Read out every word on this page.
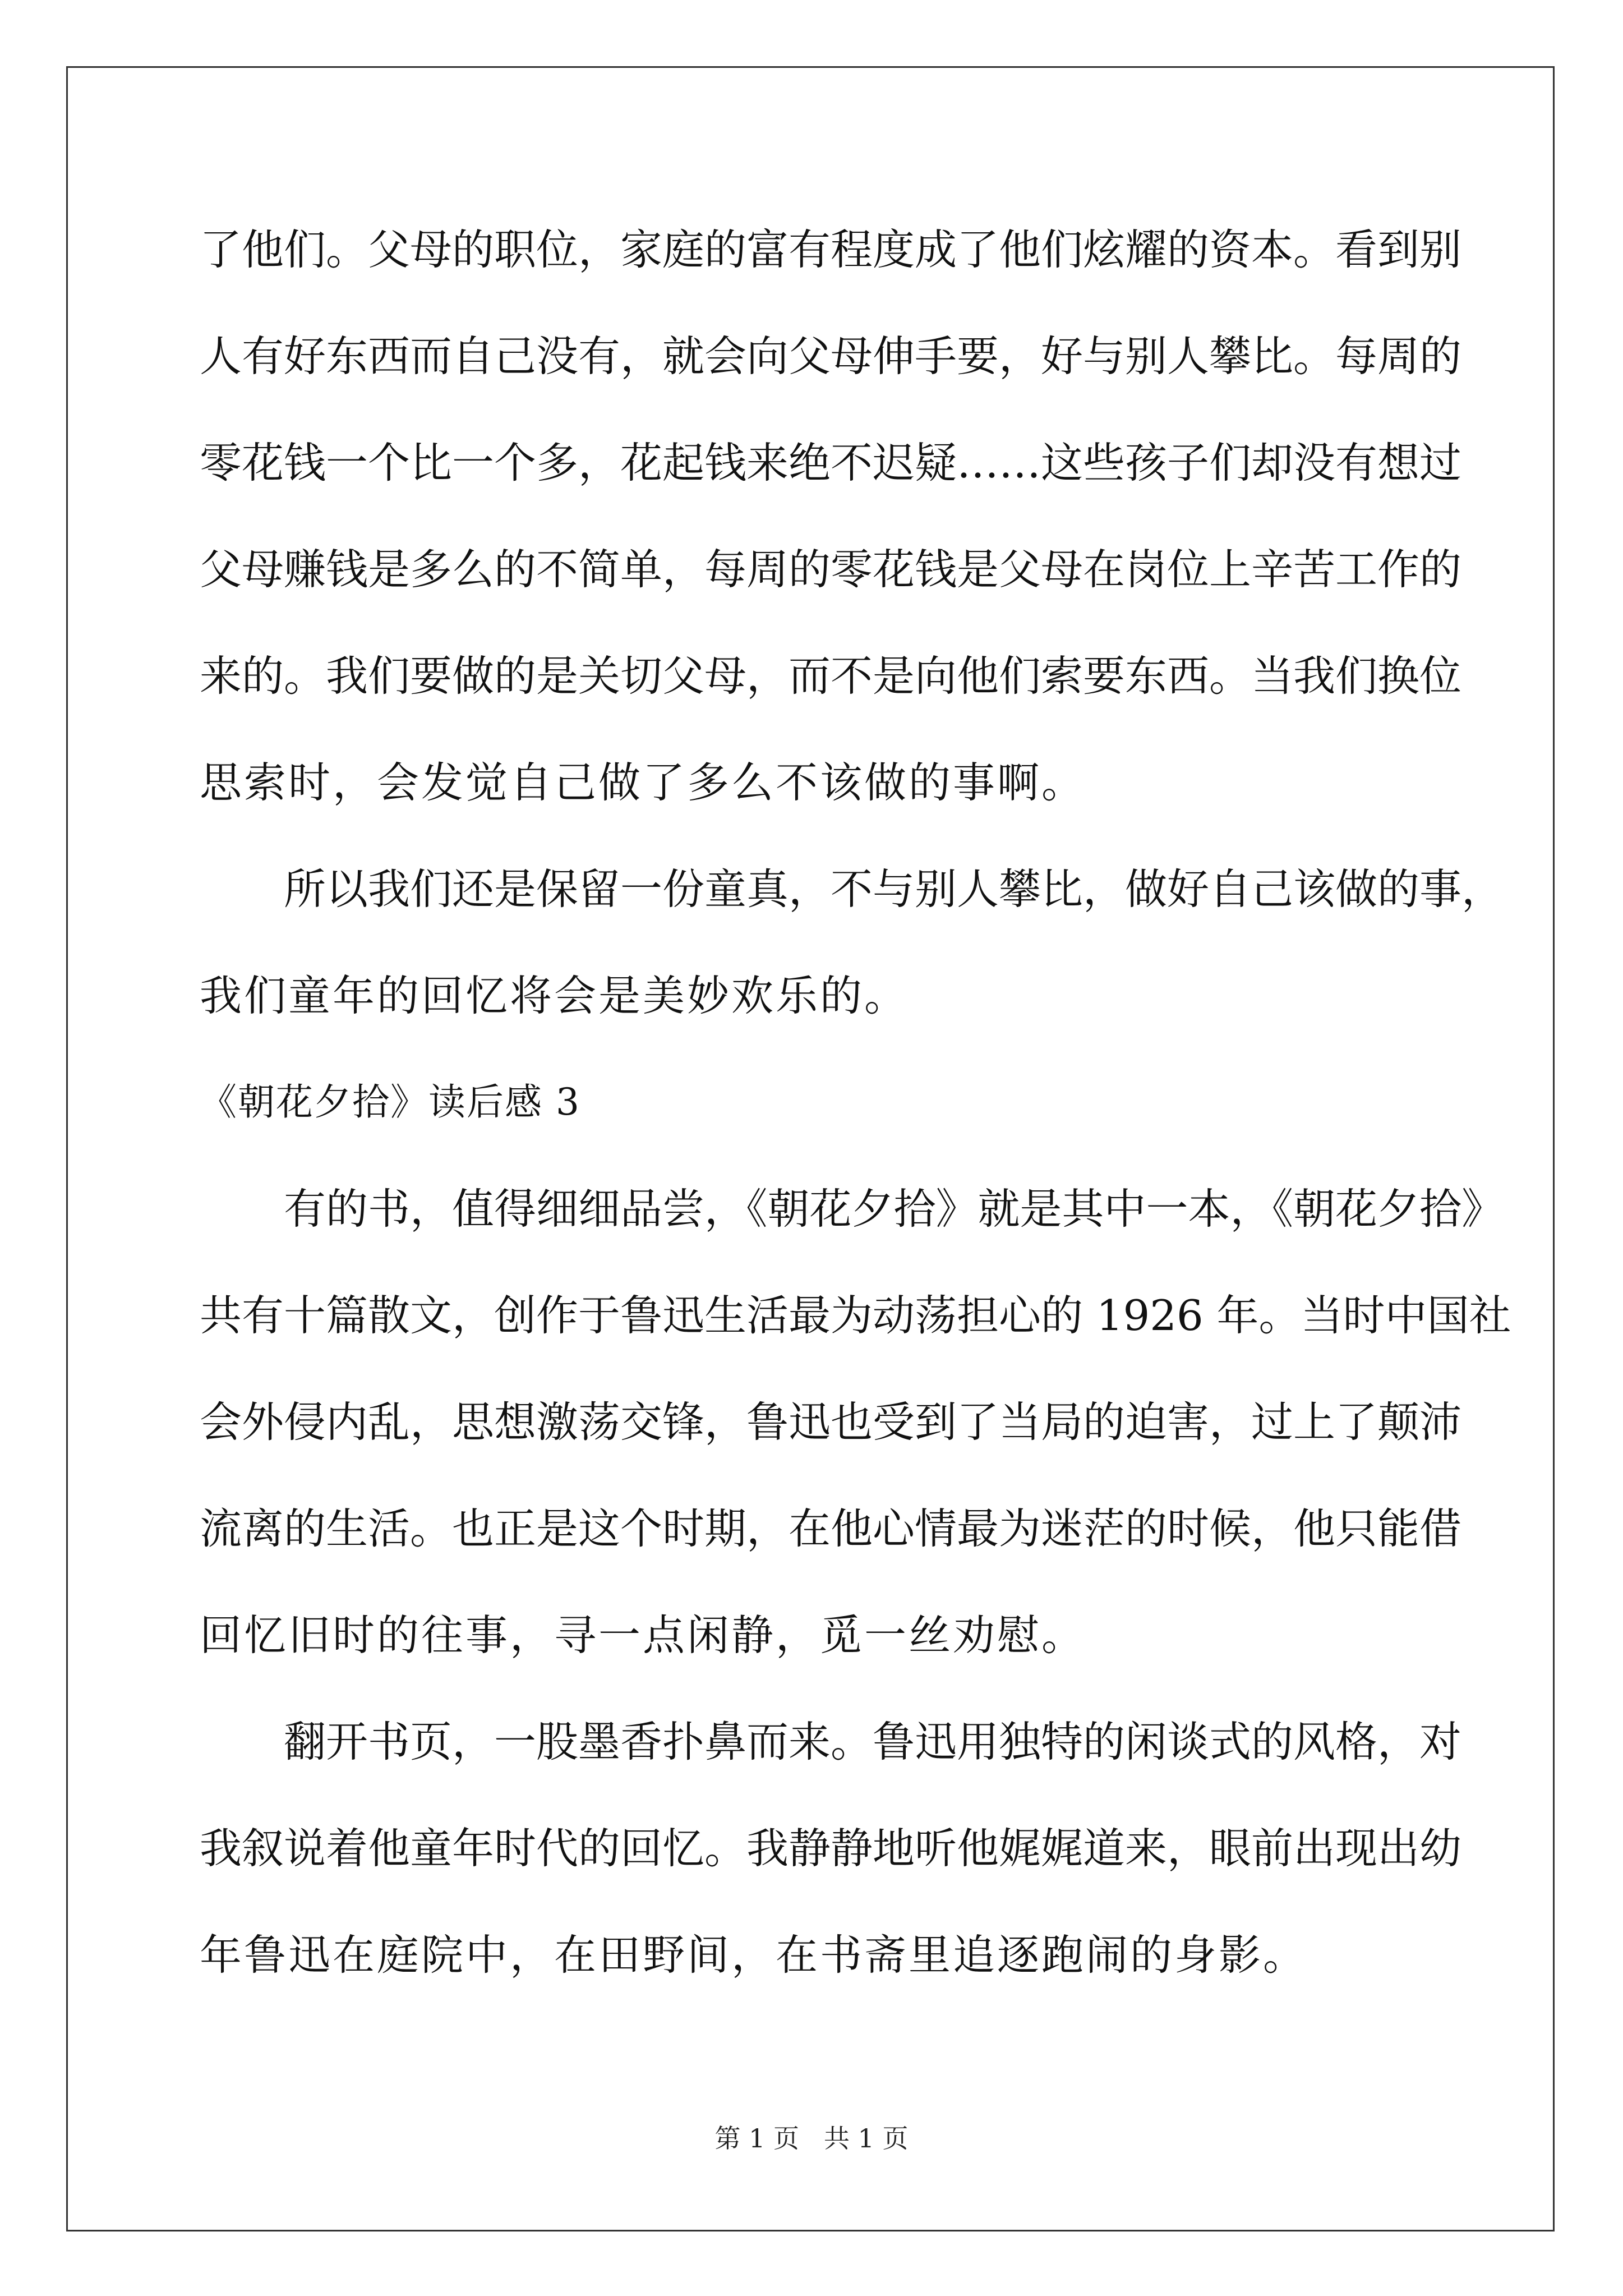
了他们。父母的职位，家庭的富有程度成了他们炫耀的资本。看到别
人有好东西而自己没有，就会向父母伸手要，好与别人攀比。每周的
零花钱一个比一个多，花起钱来绝不迟疑……这些孩子们却没有想过
父母赚钱是多么的不简单，每周的零花钱是父母在岗位上辛苦工作的
来的。我们要做的是关切父母，而不是向他们索要东西。当我们换位
思索时，会发觉自己做了多么不该做的事啊。
所以我们还是保留一份童真，不与别人攀比，做好自己该做的事，
我们童年的回忆将会是美妙欢乐的。
《朝花夕拾》读后感 3
有的书，值得细细品尝，《朝花夕拾》就是其中一本，《朝花夕拾》
共有十篇散文，创作于鲁迅生活最为动荡担心的 1926 年。当时中国社
会外侵内乱，思想激荡交锋，鲁迅也受到了当局的迫害，过上了颠沛
流离的生活。也正是这个时期，在他心情最为迷茫的时候，他只能借
回忆旧时的往事，寻一点闲静，觅一丝劝慰。
翻开书页，一股墨香扑鼻而来。鲁迅用独特的闲谈式的风格，对
我叙说着他童年时代的回忆。我静静地听他娓娓道来，眼前出现出幼
年鲁迅在庭院中，在田野间，在书斋里追逐跑闹的身影。
第 1 页 共 1 页
